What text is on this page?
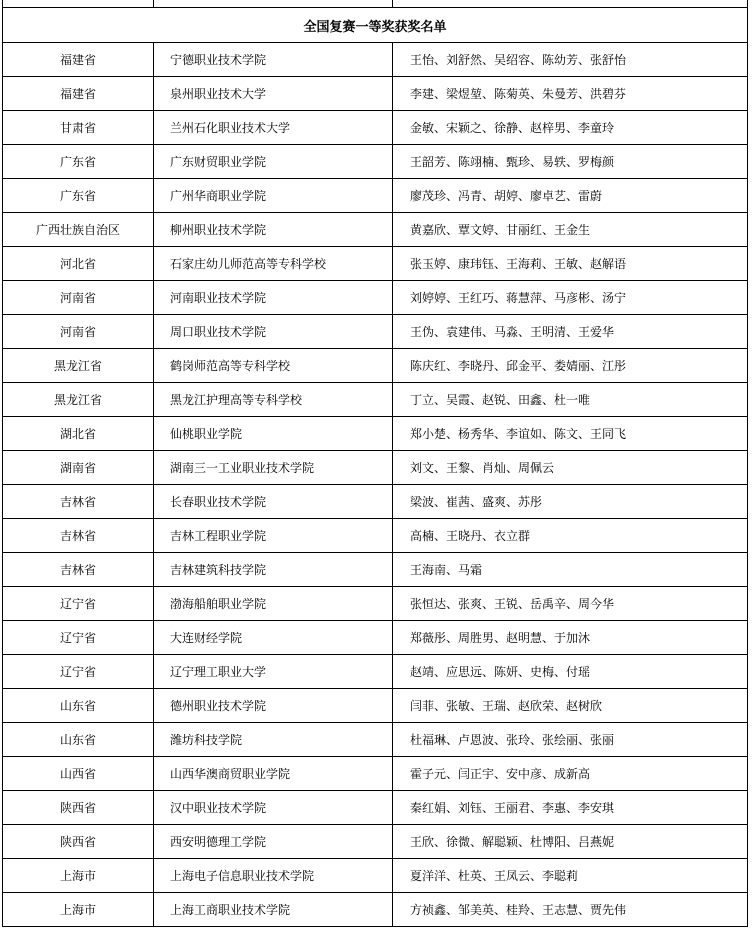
全国复赛一等奖获奖名单		
福建省	宁德职业技术学院	王怡、刘舒然、吴绍容、陈幼芳、张舒怡
福建省	泉州职业技术大学	李建、梁煜堃、陈菊英、朱曼芳、洪碧芬
甘肃省	兰州石化职业技术大学	金敏、宋颖之、徐静、赵梓男、李童玲
广东省	广东财贸职业学院	王韶芳、陈翊楠、甄珍、易轶、罗梅颜
广东省	广州华商职业学院	廖茂珍、冯青、胡婷、廖卓艺、雷蔚
广西壮族自治区	柳州职业技术学院	黄嘉欣、覃文婷、甘丽红、王金生
河北省	石家庄幼儿师范高等专科学校	张玉婷、康玮钰、王海莉、王敏、赵解语
河南省	河南职业技术学院	刘婷婷、王红巧、蒋慧萍、马彦彬、汤宁
河南省	周口职业技术学院	王伪、袁建伟、马淼、王明清、王爱华
黑龙江省	鹤岗师范高等专科学校	陈庆红、李晓丹、邱金平、娄婧丽、江彤
黑龙江省	黑龙江护理高等专科学校	丁立、吴霞、赵锐、田鑫、杜一唯
湖北省	仙桃职业学院	郑小楚、杨秀华、李谊如、陈文、王同飞
湖南省	湖南三一工业职业技术学院	刘文、王黎、肖灿、周佩云
吉林省	长春职业技术学院	梁波、崔茜、盛爽、苏彤
吉林省	吉林工程职业学院	高楠、王晓丹、衣立群
吉林省	吉林建筑科技学院	王海南、马霜
辽宁省	渤海船舶职业学院	张恒达、张爽、王锐、岳禹辛、周今华
辽宁省	大连财经学院	郑薇彤、周胜男、赵明慧、于加沐
辽宁省	辽宁理工职业大学	赵靖、应思远、陈妍、史梅、付瑶
山东省	德州职业技术学院	闫菲、张敏、王瑞、赵欣荣、赵树欣
山东省	潍坊科技学院	杜福琳、卢恩波、张玲、张绘丽、张丽
山西省	山西华澳商贸职业学院	霍子元、闫正宇、安中彦、成新高
陕西省	汉中职业技术学院	秦红娟、刘钰、王丽君、李惠、李安琪
陕西省	西安明德理工学院	王欣、徐微、解聪颖、杜博阳、吕燕妮
上海市	上海电子信息职业技术学院	夏洋洋、杜英、王凤云、李聪莉
上海市	上海工商职业技术学院	方祯鑫、邹美英、桂羚、王志慧、贾先伟
